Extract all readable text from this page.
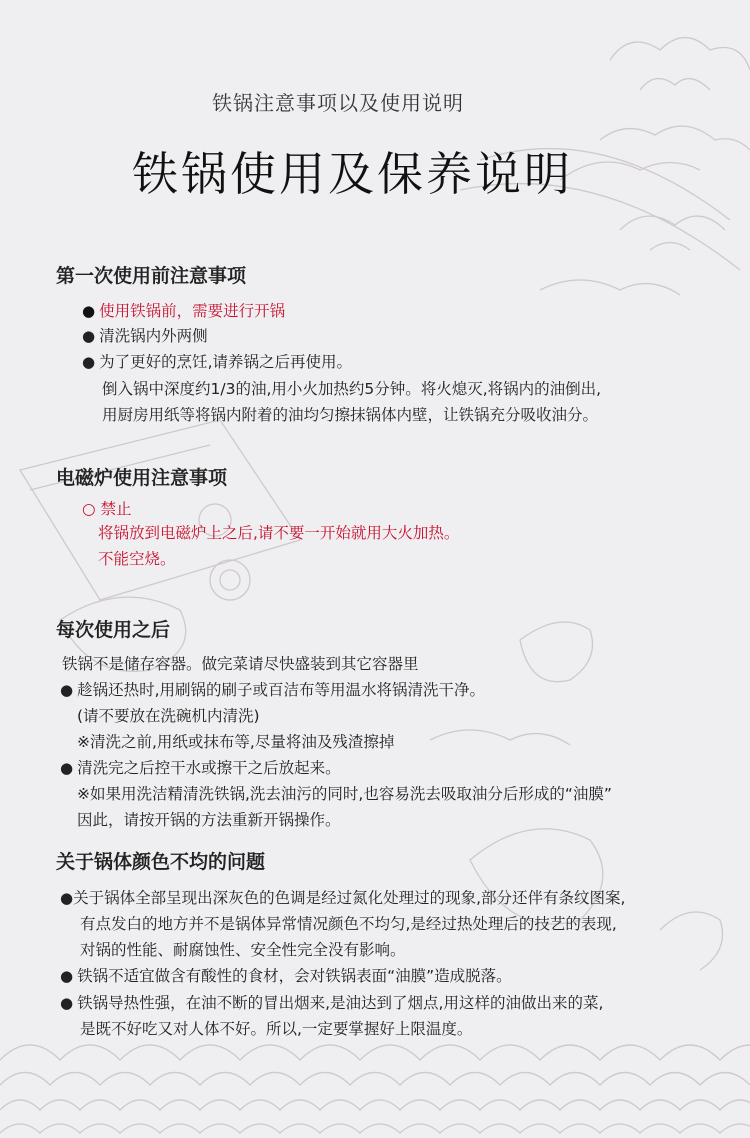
铁锅注意事项以及使用说明
铁锅使用及保养说明
第一次使用前注意事项
● 使用铁锅前，需要进行开锅
● 清洗锅内外两侧
● 为了更好的烹饪,请养锅之后再使用。
倒入锅中深度约1/3的油,用小火加热约5分钟。将火熄灭,将锅内的油倒出,
用厨房用纸等将锅内附着的油均匀擦抹锅体内壁，让铁锅充分吸收油分。
电磁炉使用注意事项
○ 禁止
将锅放到电磁炉上之后,请不要一开始就用大火加热。
不能空烧。
每次使用之后
铁锅不是储存容器。做完菜请尽快盛装到其它容器里
● 趁锅还热时,用刷锅的刷子或百洁布等用温水将锅清洗干净。
(请不要放在洗碗机内清洗)
※清洗之前,用纸或抹布等,尽量将油及残渣擦掉
● 清洗完之后控干水或擦干之后放起来。
※如果用洗洁精清洗铁锅,洗去油污的同时,也容易洗去吸取油分后形成的“油膜”
因此，请按开锅的方法重新开锅操作。
关于锅体颜色不均的问题
●关于锅体全部呈现出深灰色的色调是经过氮化处理过的现象,部分还伴有条纹图案,
有点发白的地方并不是锅体异常情况颜色不均匀,是经过热处理后的技艺的表现,
对锅的性能、耐腐蚀性、安全性完全没有影响。
● 铁锅不适宜做含有酸性的食材，会对铁锅表面“油膜”造成脱落。
● 铁锅导热性强，在油不断的冒出烟来,是油达到了烟点,用这样的油做出来的菜,
是既不好吃又对人体不好。所以,一定要掌握好上限温度。
